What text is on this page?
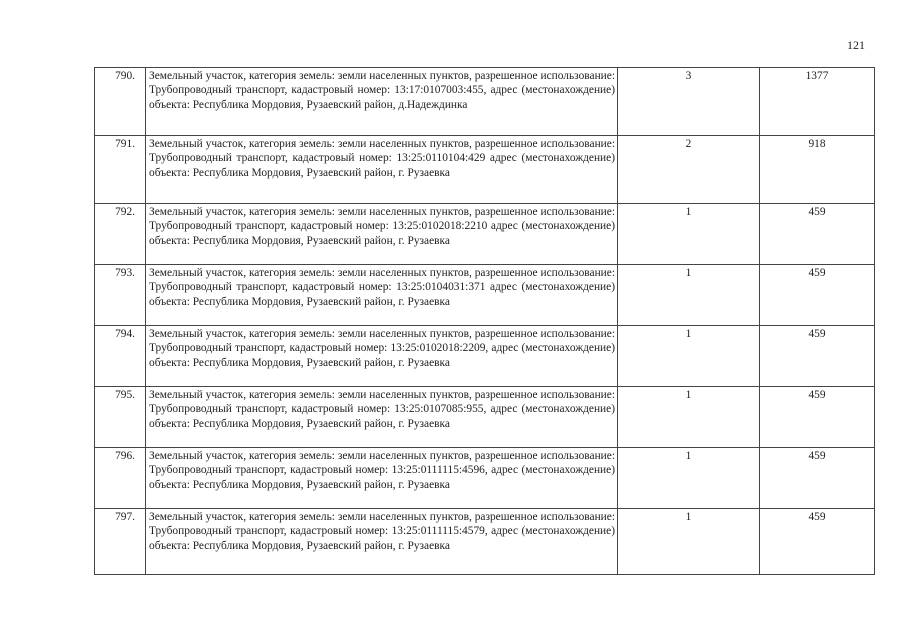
121
790.	Земельный участок, категория земель: земли населенных пунктов, разрешенное использование: Трубопроводный транспорт, кадастровый номер: 13:17:0107003:455, адрес (местонахождение) объекта: Республика Мордовия, Рузаевский район, д.Надеждинка	3	1377
791.	Земельный участок, категория земель: земли населенных пунктов, разрешенное использование: Трубопроводный транспорт, кадастровый номер: 13:25:0110104:429 адрес (местонахождение) объекта: Республика Мордовия, Рузаевский район, г. Рузаевка	2	918
792.	Земельный участок, категория земель: земли населенных пунктов, разрешенное использование: Трубопроводный транспорт, кадастровый номер: 13:25:0102018:2210 адрес (местонахождение) объекта: Республика Мордовия, Рузаевский район, г. Рузаевка	1	459
793.	Земельный участок, категория земель: земли населенных пунктов, разрешенное использование: Трубопроводный транспорт, кадастровый номер: 13:25:0104031:371 адрес (местонахождение) объекта: Республика Мордовия, Рузаевский район, г. Рузаевка	1	459
794.	Земельный участок, категория земель: земли населенных пунктов, разрешенное использование: Трубопроводный транспорт, кадастровый номер: 13:25:0102018:2209, адрес (местонахождение) объекта: Республика Мордовия, Рузаевский район, г. Рузаевка	1	459
795.	Земельный участок, категория земель: земли населенных пунктов, разрешенное использование: Трубопроводный транспорт, кадастровый номер: 13:25:0107085:955, адрес (местонахождение) объекта: Республика Мордовия, Рузаевский район, г. Рузаевка	1	459
796.	Земельный участок, категория земель: земли населенных пунктов, разрешенное использование: Трубопроводный транспорт, кадастровый номер: 13:25:0111115:4596, адрес (местонахождение) объекта: Республика Мордовия, Рузаевский район, г. Рузаевка	1	459
797.	Земельный участок, категория земель: земли населенных пунктов, разрешенное использование: Трубопроводный транспорт, кадастровый номер: 13:25:0111115:4579, адрес (местонахождение) объекта: Республика Мордовия, Рузаевский район, г. Рузаевка	1	459
